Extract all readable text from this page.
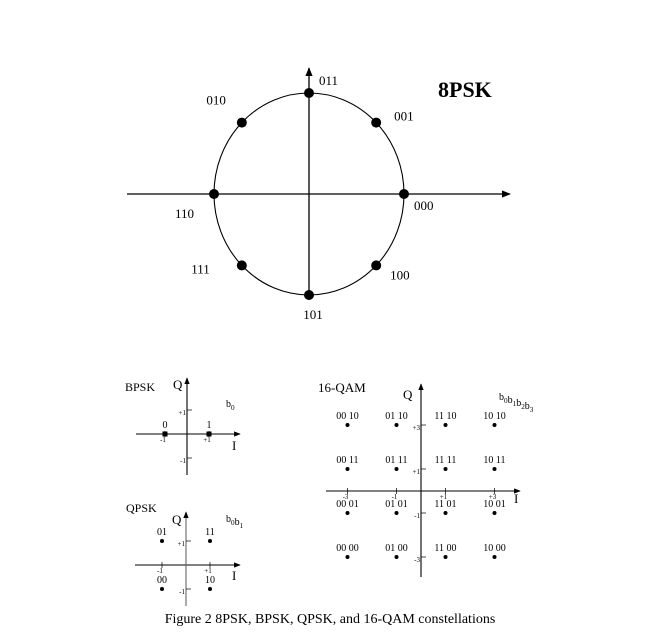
8PSK
000
001
011
010
110
111
101
100
BPSK Q
I
$b_0$
-1	+1
+1
-1
0	1
QPSK
Q
I
$b_0b_1$
-1	+1
+1
-1
01	11
00	10
16-QAM	Q
I
$b_0b_1b_2b_3$
-3	-1	+1	+3
+3
+1
-1
-3
00 10	01 10	11 10	10 10
00 11	01 11	11 11	10 11
00 01	01 01	11 01	10 01
00 00	01 00	11 00	10 00
Figure 2 8PSK, BPSK, QPSK, and 16-QAM constellations
